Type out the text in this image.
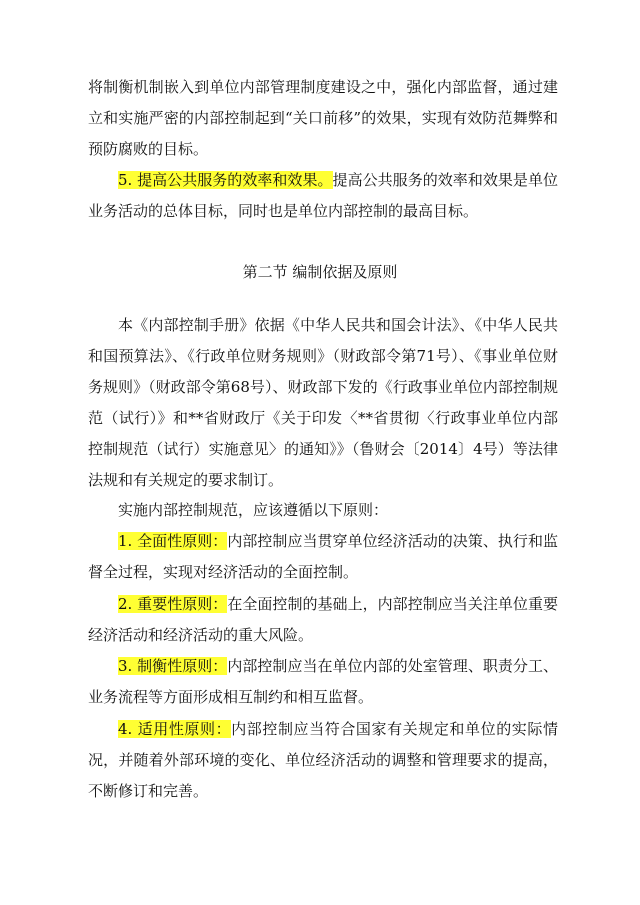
将制衡机制嵌入到单位内部管理制度建设之中，强化内部监督，通过建立和实施严密的内部控制起到“关口前移”的效果，实现有效防范舞弊和预防腐败的目标。

5. 提高公共服务的效率和效果。提高公共服务的效率和效果是单位业务活动的总体目标，同时也是单位内部控制的最高目标。

第二节 编制依据及原则

本《内部控制手册》依据《中华人民共和国会计法》、《中华人民共和国预算法》、《行政单位财务规则》（财政部令第71号）、《事业单位财务规则》（财政部令第68号）、财政部下发的《行政事业单位内部控制规范（试行）》和**省财政厅《关于印发〈**省贯彻〈行政事业单位内部控制规范（试行）实施意见〉的通知》》（鲁财会〔2014〕4号）等法律法规和有关规定的要求制订。

实施内部控制规范，应该遵循以下原则：

1. 全面性原则：内部控制应当贯穿单位经济活动的决策、执行和监督全过程，实现对经济活动的全面控制。

2. 重要性原则：在全面控制的基础上，内部控制应当关注单位重要经济活动和经济活动的重大风险。

3. 制衡性原则：内部控制应当在单位内部的处室管理、职责分工、业务流程等方面形成相互制约和相互监督。

4. 适用性原则：内部控制应当符合国家有关规定和单位的实际情况，并随着外部环境的变化、单位经济活动的调整和管理要求的提高，不断修订和完善。
